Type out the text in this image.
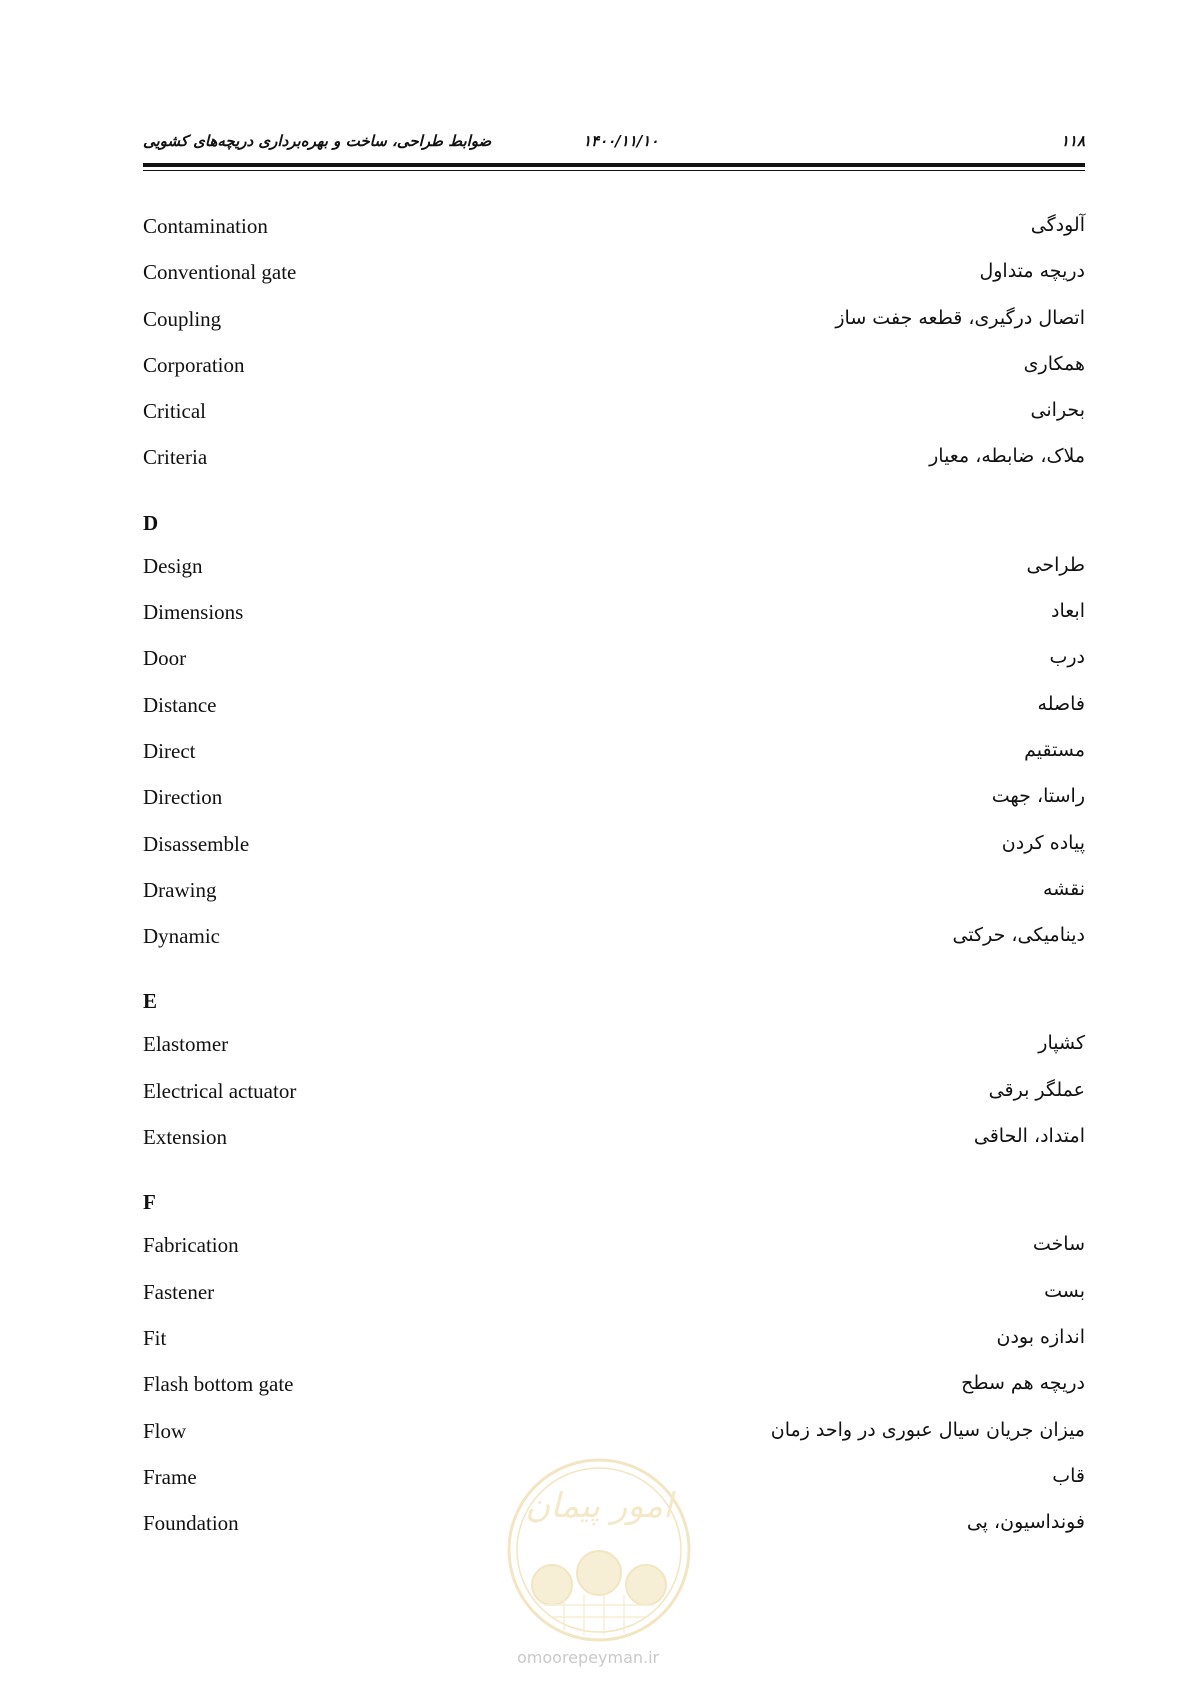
۱۱۸
۱۴۰۰/۱۱/۱۰
ضوابط طراحی، ساخت و بهره‌برداری دریچه‌های کشویی
Contamination	آلودگی
Conventional gate	دریچه متداول
Coupling	اتصال درگیری، قطعه جفت ساز
Corporation	همکاری
Critical	بحرانی
Criteria	ملاک، ضابطه، معیار
D
Design	طراحی
Dimensions	ابعاد
Door	درب
Distance	فاصله
Direct	مستقیم
Direction	راستا، جهت
Disassemble	پیاده کردن
Drawing	نقشه
Dynamic	دینامیکی، حرکتی
E
Elastomer	کشپار
Electrical actuator	عملگر برقی
Extension	امتداد، الحاقی
F
Fabrication	ساخت
Fastener	بست
Fit	اندازه بودن
Flash bottom gate	دریچه هم سطح
Flow	میزان جریان سیال عبوری در واحد زمان
Frame	قاب
Foundation	فونداسیون، پی
امور پیمان
omoorepeyman.ir
